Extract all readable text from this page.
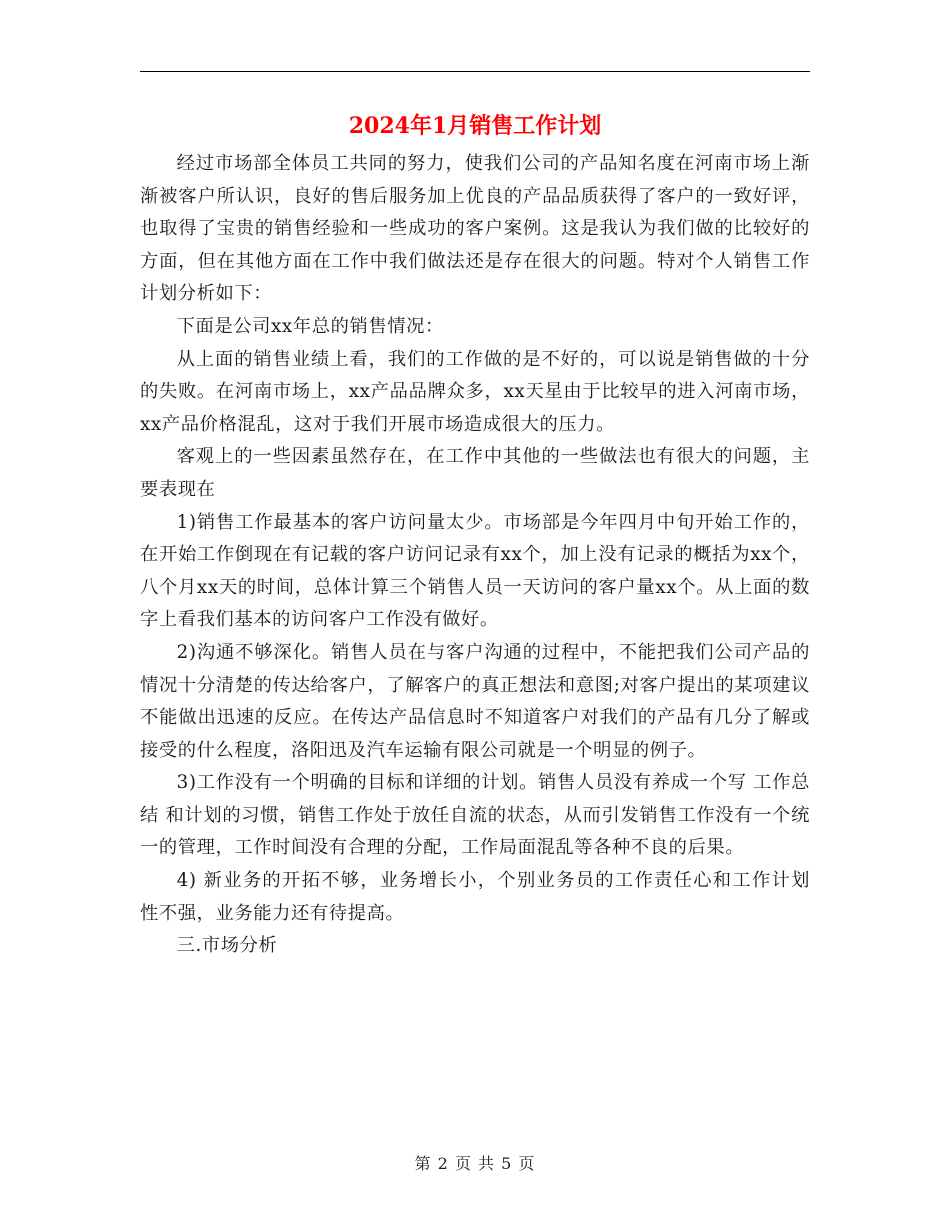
2024年1月销售工作计划

经过市场部全体员工共同的努力，使我们公司的产品知名度在河南市场上渐渐被客户所认识，良好的售后服务加上优良的产品品质获得了客户的一致好评，也取得了宝贵的销售经验和一些成功的客户案例。这是我认为我们做的比较好的方面，但在其他方面在工作中我们做法还是存在很大的问题。特对个人销售工作计划分析如下：

下面是公司xx年总的销售情况：

从上面的销售业绩上看，我们的工作做的是不好的，可以说是销售做的十分的失败。在河南市场上，xx产品品牌众多，xx天星由于比较早的进入河南市场，xx产品价格混乱，这对于我们开展市场造成很大的压力。

客观上的一些因素虽然存在，在工作中其他的一些做法也有很大的问题，主要表现在

1)销售工作最基本的客户访问量太少。市场部是今年四月中旬开始工作的，在开始工作倒现在有记载的客户访问记录有xx个，加上没有记录的概括为xx个，八个月xx天的时间，总体计算三个销售人员一天访问的客户量xx个。从上面的数字上看我们基本的访问客户工作没有做好。

2)沟通不够深化。销售人员在与客户沟通的过程中，不能把我们公司产品的情况十分清楚的传达给客户，了解客户的真正想法和意图;对客户提出的某项建议不能做出迅速的反应。在传达产品信息时不知道客户对我们的产品有几分了解或接受的什么程度，洛阳迅及汽车运输有限公司就是一个明显的例子。

3)工作没有一个明确的目标和详细的计划。销售人员没有养成一个写 工作总结 和计划的习惯，销售工作处于放任自流的状态，从而引发销售工作没有一个统一的管理，工作时间没有合理的分配，工作局面混乱等各种不良的后果。

4) 新业务的开拓不够，业务增长小，个别业务员的工作责任心和工作计划 性不强，业务能力还有待提高。

三.市场分析

第 2 页 共 5 页
